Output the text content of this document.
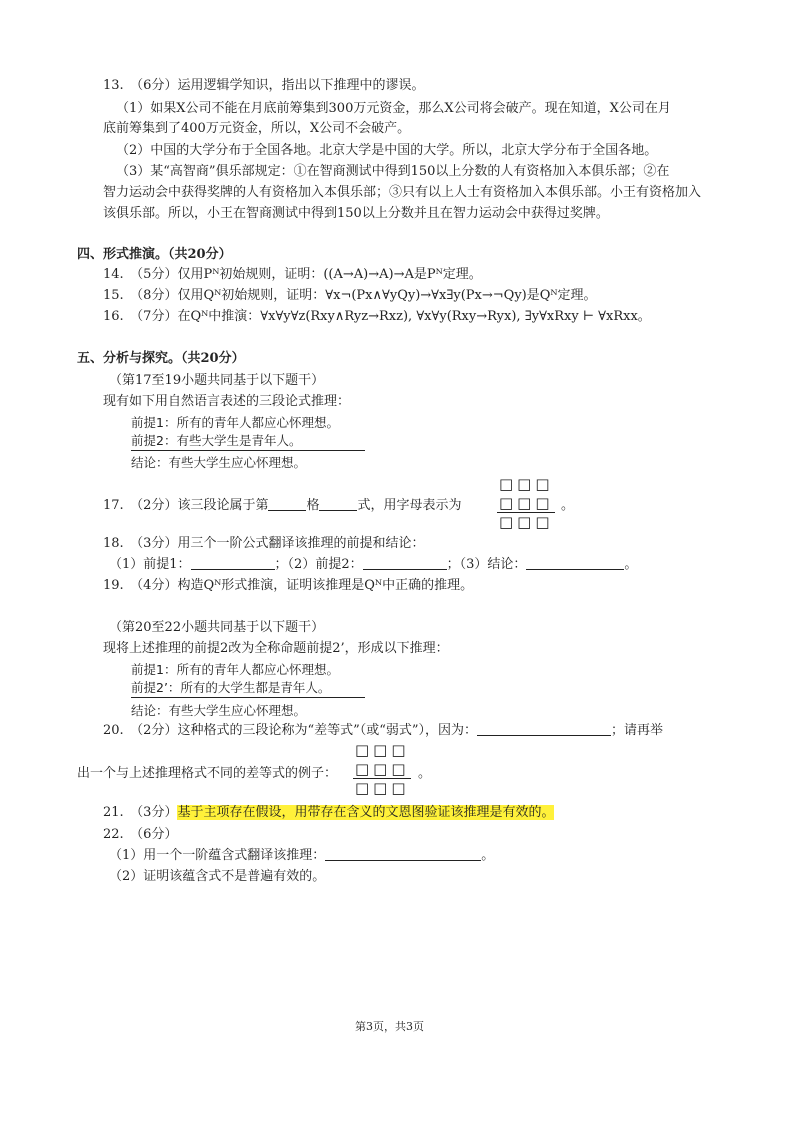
13.　（6分）运用逻辑学知识，指出以下推理中的谬误。
（1）如果X公司不能在月底前筹集到300万元资金，那么X公司将会破产。现在知道，X公司在月
底前筹集到了400万元资金，所以，X公司不会破产。
（2）中国的大学分布于全国各地。北京大学是中国的大学。所以，北京大学分布于全国各地。
（3）某“高智商”俱乐部规定：①在智商测试中得到150以上分数的人有资格加入本俱乐部；②在
智力运动会中获得奖牌的人有资格加入本俱乐部；③只有以上人士有资格加入本俱乐部。小王有资格加入
该俱乐部。所以，小王在智商测试中得到150以上分数并且在智力运动会中获得过奖牌。
四、形式推演。（共20分）
14.　（5分）仅用Pᴺ初始规则，证明：((A→A)→A)→A是Pᴺ定理。
15.　（8分）仅用Qᴺ初始规则，证明：∀x¬(Px∧∀yQy)→∀x∃y(Px→¬Qy)是Qᴺ定理。
16.　（7分）在Qᴺ中推演：∀x∀y∀z(Rxy∧Ryz→Rxz), ∀x∀y(Rxy→Ryx), ∃y∀xRxy ⊢ ∀xRxx。
五、分析与探究。（共20分）
（第17至19小题共同基于以下题干）
现有如下用自然语言表述的三段论式推理：
前提1：所有的青年人都应心怀理想。
前提2：有些大学生是青年人。
结论：有些大学生应心怀理想。
□□□
□□□
□□□
17.　（2分）该三段论属于第	格	式，用字母表示为	。
18.　（3分）用三个一阶公式翻译该推理的前提和结论：
（1）前提1：	；（2）前提2：	；（3）结论：	。
19.　（4分）构造Qᴺ形式推演，证明该推理是Qᴺ中正确的推理。
（第20至22小题共同基于以下题干）
现将上述推理的前提2改为全称命题前提2’，形成以下推理：
前提1：所有的青年人都应心怀理想。
前提2’：所有的大学生都是青年人。
结论：有些大学生应心怀理想。
20.　（2分）这种格式的三段论称为“差等式”（或“弱式”），因为：	；请再举
□□□
□□□
□□□
出一个与上述推理格式不同的差等式的例子：	。
21.　（3分）基于主项存在假设，用带存在含义的文恩图验证该推理是有效的。
22.　（6分）
（1）用一个一阶蕴含式翻译该推理：	。
（2）证明该蕴含式不是普遍有效的。
第3页，共3页
